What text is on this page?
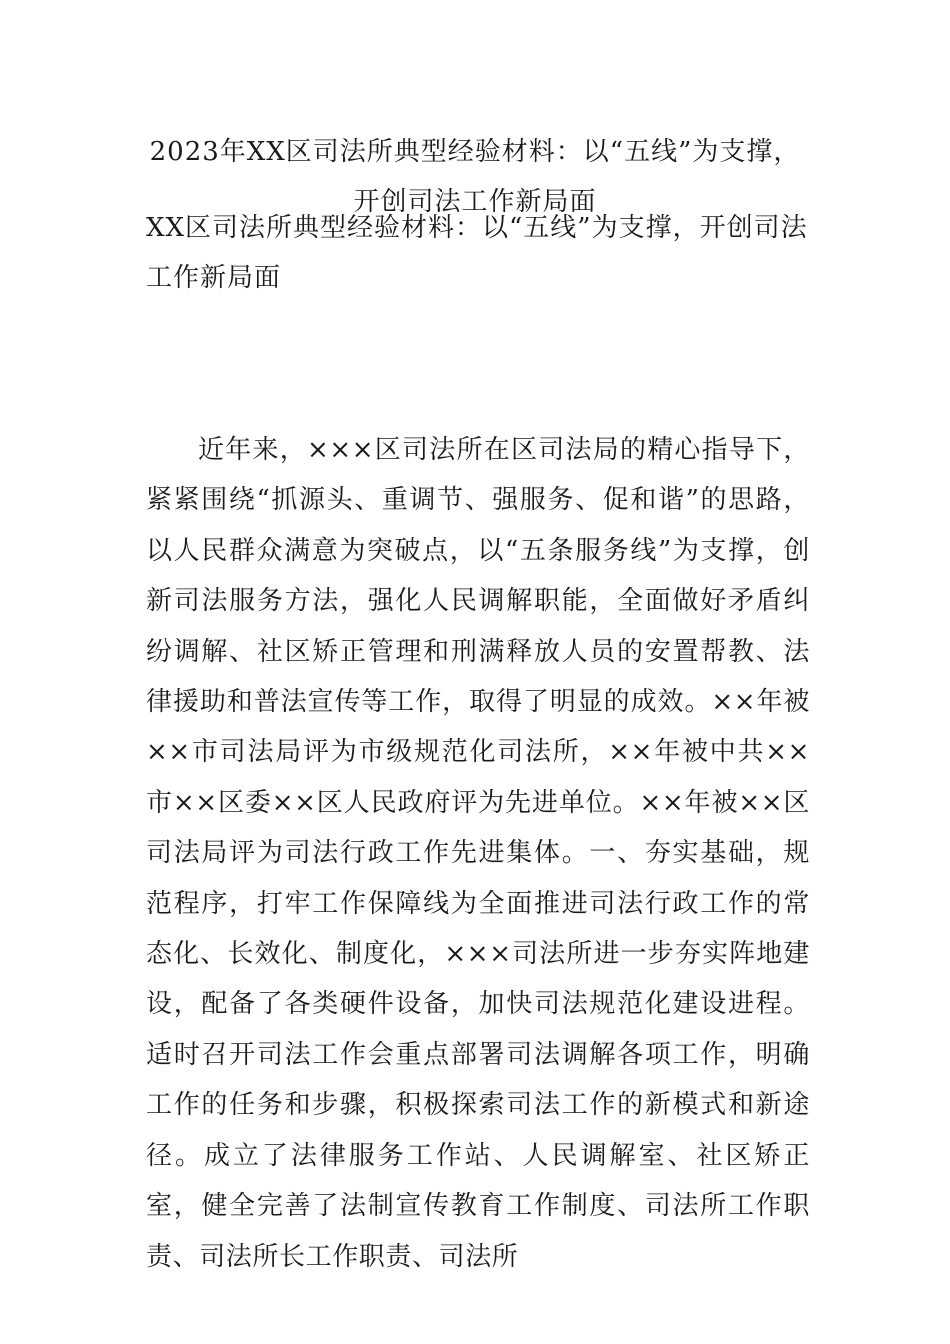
2023年XX区司法所典型经验材料：以“五线”为支撑，
开创司法工作新局面
XX区司法所典型经验材料：以“五线”为支撑，开创司法工作新局面

近年来，×××区司法所在区司法局的精心指导下，紧紧围绕“抓源头、重调节、强服务、促和谐”的思路，以人民群众满意为突破点，以“五条服务线”为支撑，创新司法服务方法，强化人民调解职能，全面做好矛盾纠纷调解、社区矫正管理和刑满释放人员的安置帮教、法律援助和普法宣传等工作，取得了明显的成效。××年被××市司法局评为市级规范化司法所，××年被中共××市××区委××区人民政府评为先进单位。××年被××区司法局评为司法行政工作先进集体。一、夯实基础，规范程序，打牢工作保障线为全面推进司法行政工作的常态化、长效化、制度化，×××司法所进一步夯实阵地建设，配备了各类硬件设备，加快司法规范化建设进程。适时召开司法工作会重点部署司法调解各项工作，明确工作的任务和步骤，积极探索司法工作的新模式和新途径。成立了法律服务工作站、人民调解室、社区矫正室，健全完善了法制宣传教育工作制度、司法所工作职责、司法所长工作职责、司法所
